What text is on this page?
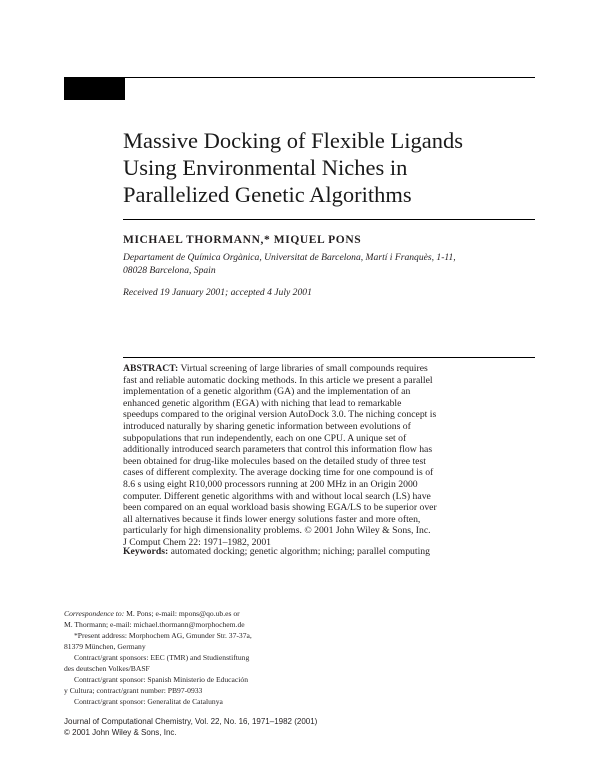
Massive Docking of Flexible Ligands
Using Environmental Niches in
Parallelized Genetic Algorithms
MICHAEL THORMANN,* MIQUEL PONS
Departament de Química Orgànica, Universitat de Barcelona, Martí i Franquès, 1-11,
08028 Barcelona, Spain
Received 19 January 2001; accepted 4 July 2001
ABSTRACT: Virtual screening of large libraries of small compounds requires
fast and reliable automatic docking methods. In this article we present a parallel
implementation of a genetic algorithm (GA) and the implementation of an
enhanced genetic algorithm (EGA) with niching that lead to remarkable
speedups compared to the original version AutoDock 3.0. The niching concept is
introduced naturally by sharing genetic information between evolutions of
subpopulations that run independently, each on one CPU. A unique set of
additionally introduced search parameters that control this information flow has
been obtained for drug-like molecules based on the detailed study of three test
cases of different complexity. The average docking time for one compound is of
8.6 s using eight R10,000 processors running at 200 MHz in an Origin 2000
computer. Different genetic algorithms with and without local search (LS) have
been compared on an equal workload basis showing EGA/LS to be superior over
all alternatives because it finds lower energy solutions faster and more often,
particularly for high dimensionality problems. © 2001 John Wiley & Sons, Inc.
J Comput Chem 22: 1971–1982, 2001
Keywords: automated docking; genetic algorithm; niching; parallel computing
Correspondence to: M. Pons; e-mail: mpons@qo.ub.es or
M. Thormann; e-mail: michael.thormann@morphochem.de
*Present address: Morphochem AG, Gmunder Str. 37-37a,
81379 München, Germany
Contract/grant sponsors: EEC (TMR) and Studienstiftung
des deutschen Volkes/BASF
Contract/grant sponsor: Spanish Ministerio de Educación
y Cultura; contract/grant number: PB97-0933
Contract/grant sponsor: Generalitat de Catalunya
Journal of Computational Chemistry, Vol. 22, No. 16, 1971–1982 (2001)
© 2001 John Wiley & Sons, Inc.
